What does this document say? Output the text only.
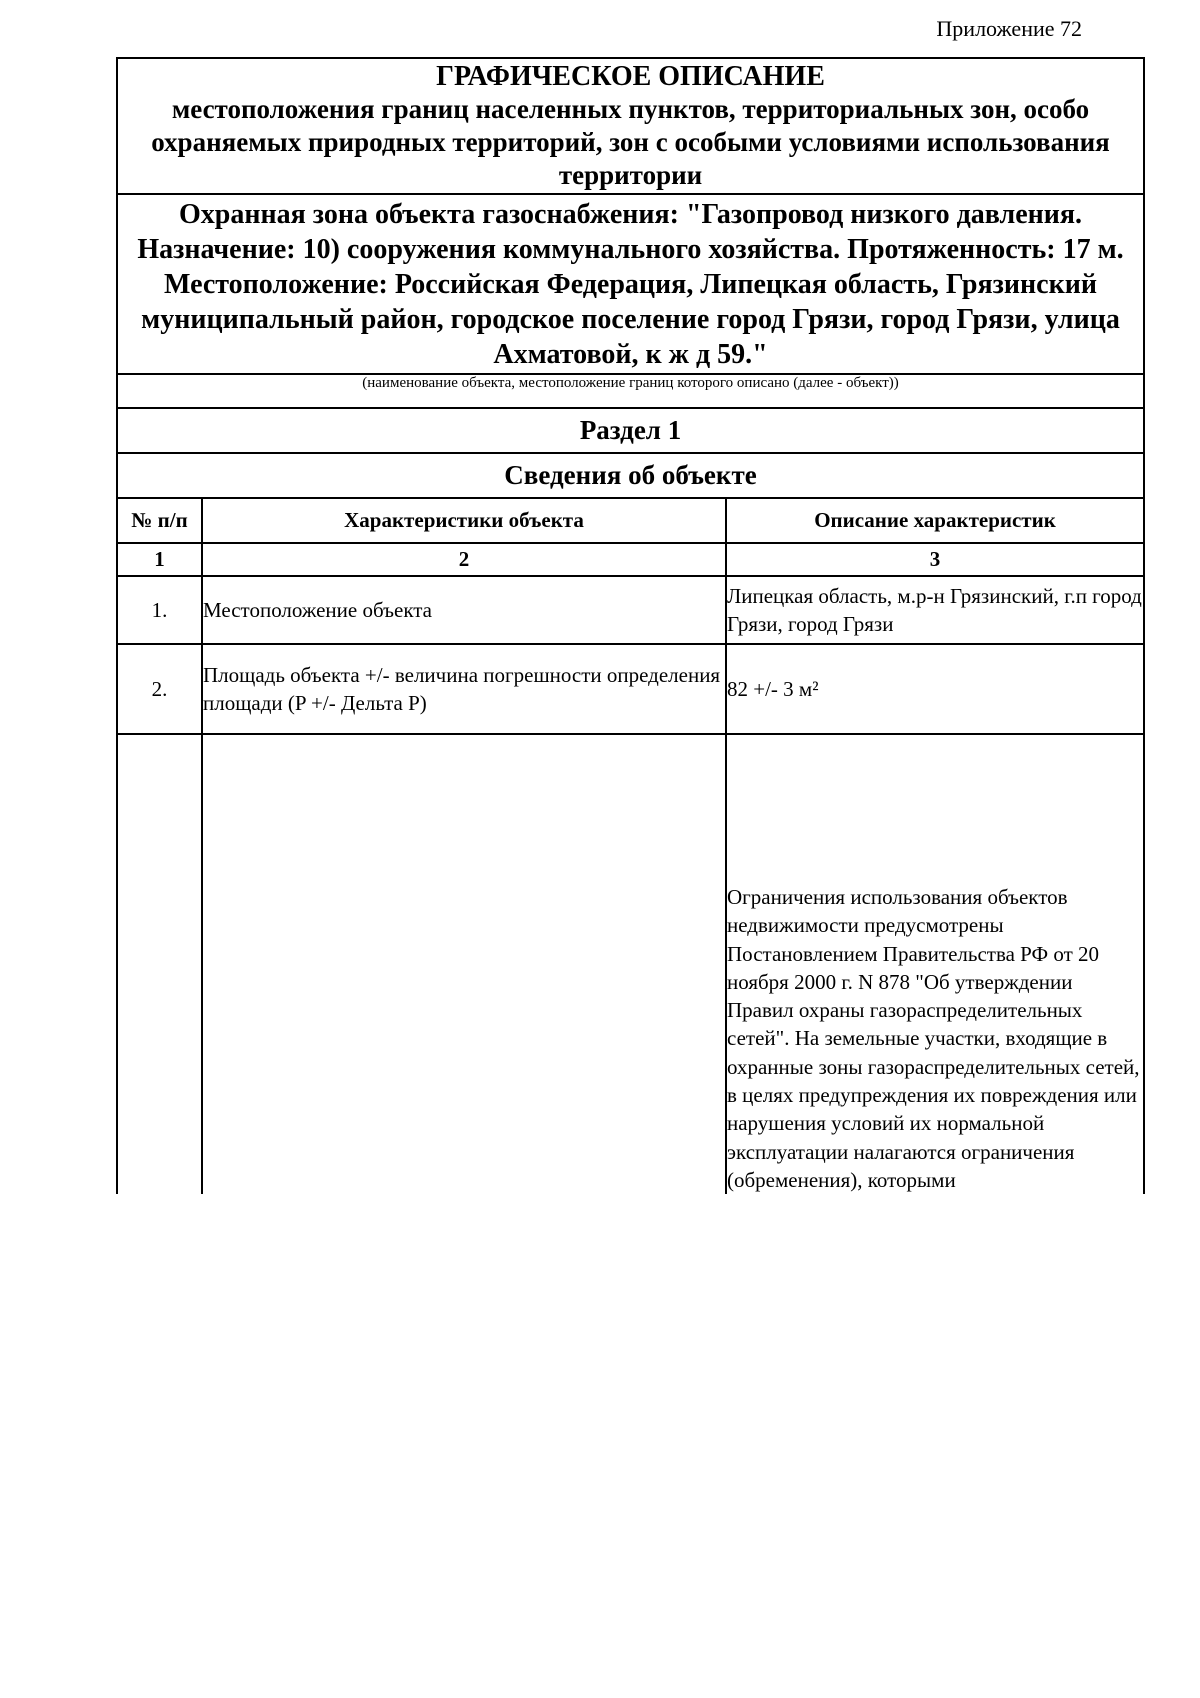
Приложение 72
ГРАФИЧЕСКОЕ ОПИСАНИЕ
местоположения границ населенных пунктов, территориальных зон, особо охраняемых природных территорий, зон с особыми условиями использования территории		
Охранная зона объекта газоснабжения: "Газопровод низкого давления. Назначение: 10) сооружения коммунального хозяйства. Протяженность: 17 м. Местоположение: Российская Федерация, Липецкая область, Грязинский муниципальный район, городское поселение город Грязи, город Грязи, улица Ахматовой, к ж д 59."		
(наименование объекта, местоположение границ которого описано (далее - объект))		
Раздел 1		
Сведения об объекте		
№ п/п	Характеристики объекта	Описание характеристик
1	2	3
1.	Местоположение объекта	Липецкая область, м.р-н Грязинский, г.п город Грязи, город Грязи
2.	Площадь объекта +/- величина погрешности определения площади (P +/- Дельта P)	82 +/- 3 м²

		Ограничения использования объектов недвижимости предусмотрены Постановлением Правительства РФ от 20 ноября 2000 г. N 878 "Об утверждении Правил охраны газораспределительных сетей". На земельные участки, входящие в охранные зоны газораспределительных сетей, в целях предупреждения их повреждения или нарушения условий их нормальной эксплуатации налагаются ограничения (обременения), которыми
